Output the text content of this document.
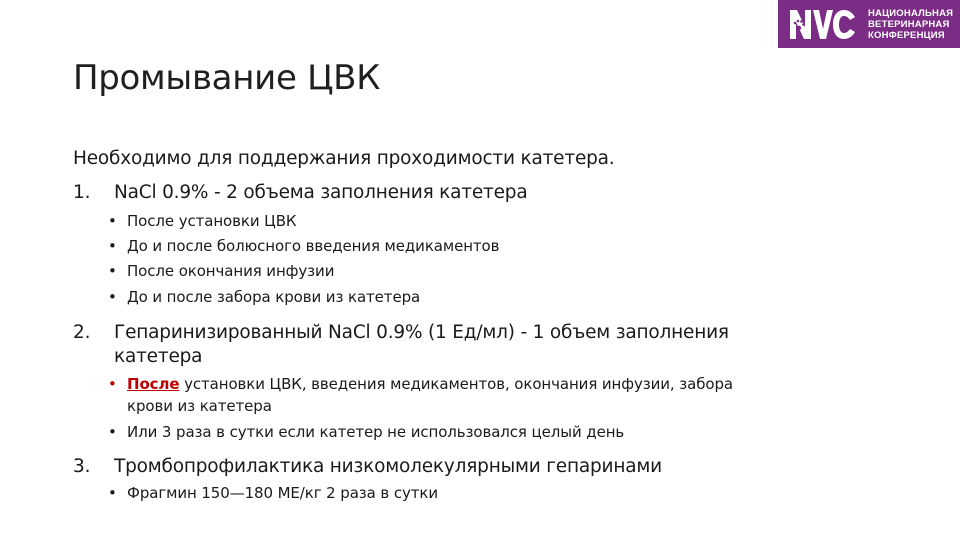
НАЦИОНАЛЬНАЯ
ВЕТЕРИНАРНАЯ
КОНФЕРЕНЦИЯ
Промывание ЦВК
Необходимо для поддержания проходимости катетера.
1. NaCl 0.9% - 2 объема заполнения катетера
• После установки ЦВК
• До и после болюсного введения медикаментов
• После окончания инфузии
• До и после забора крови из катетера
2. Гепаринизированный NaCl 0.9% (1 Ед/мл) - 1 объем заполнения
катетера
• После установки ЦВК, введения медикаментов, окончания инфузии, забора
крови из катетера
• Или 3 раза в сутки если катетер не использовался целый день
3. Тромбопрофилактика низкомолекулярными гепаринами
• Фрагмин 150—180 МЕ/кг 2 раза в сутки
